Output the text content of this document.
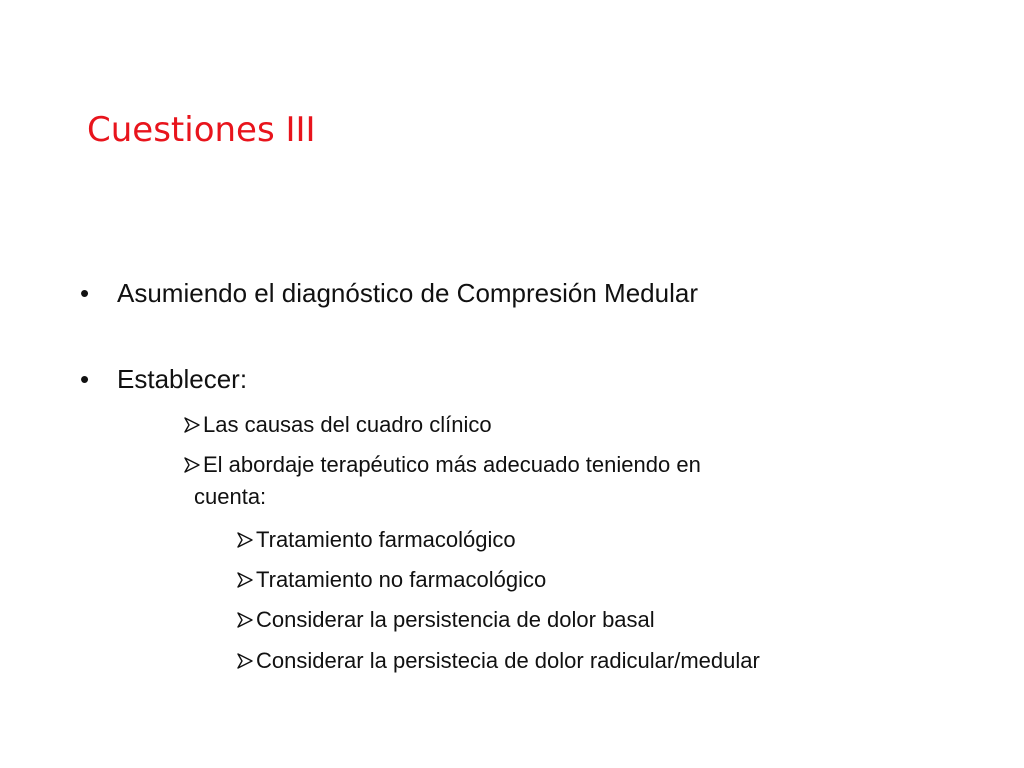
Cuestiones III
• Asumiendo el diagnóstico de Compresión Medular
• Establecer:
Las causas del cuadro clínico
El abordaje terapéutico más adecuado teniendo en
cuenta:
Tratamiento farmacológico
Tratamiento no farmacológico
Considerar la persistencia de dolor basal
Considerar la persistecia de dolor radicular/medular
